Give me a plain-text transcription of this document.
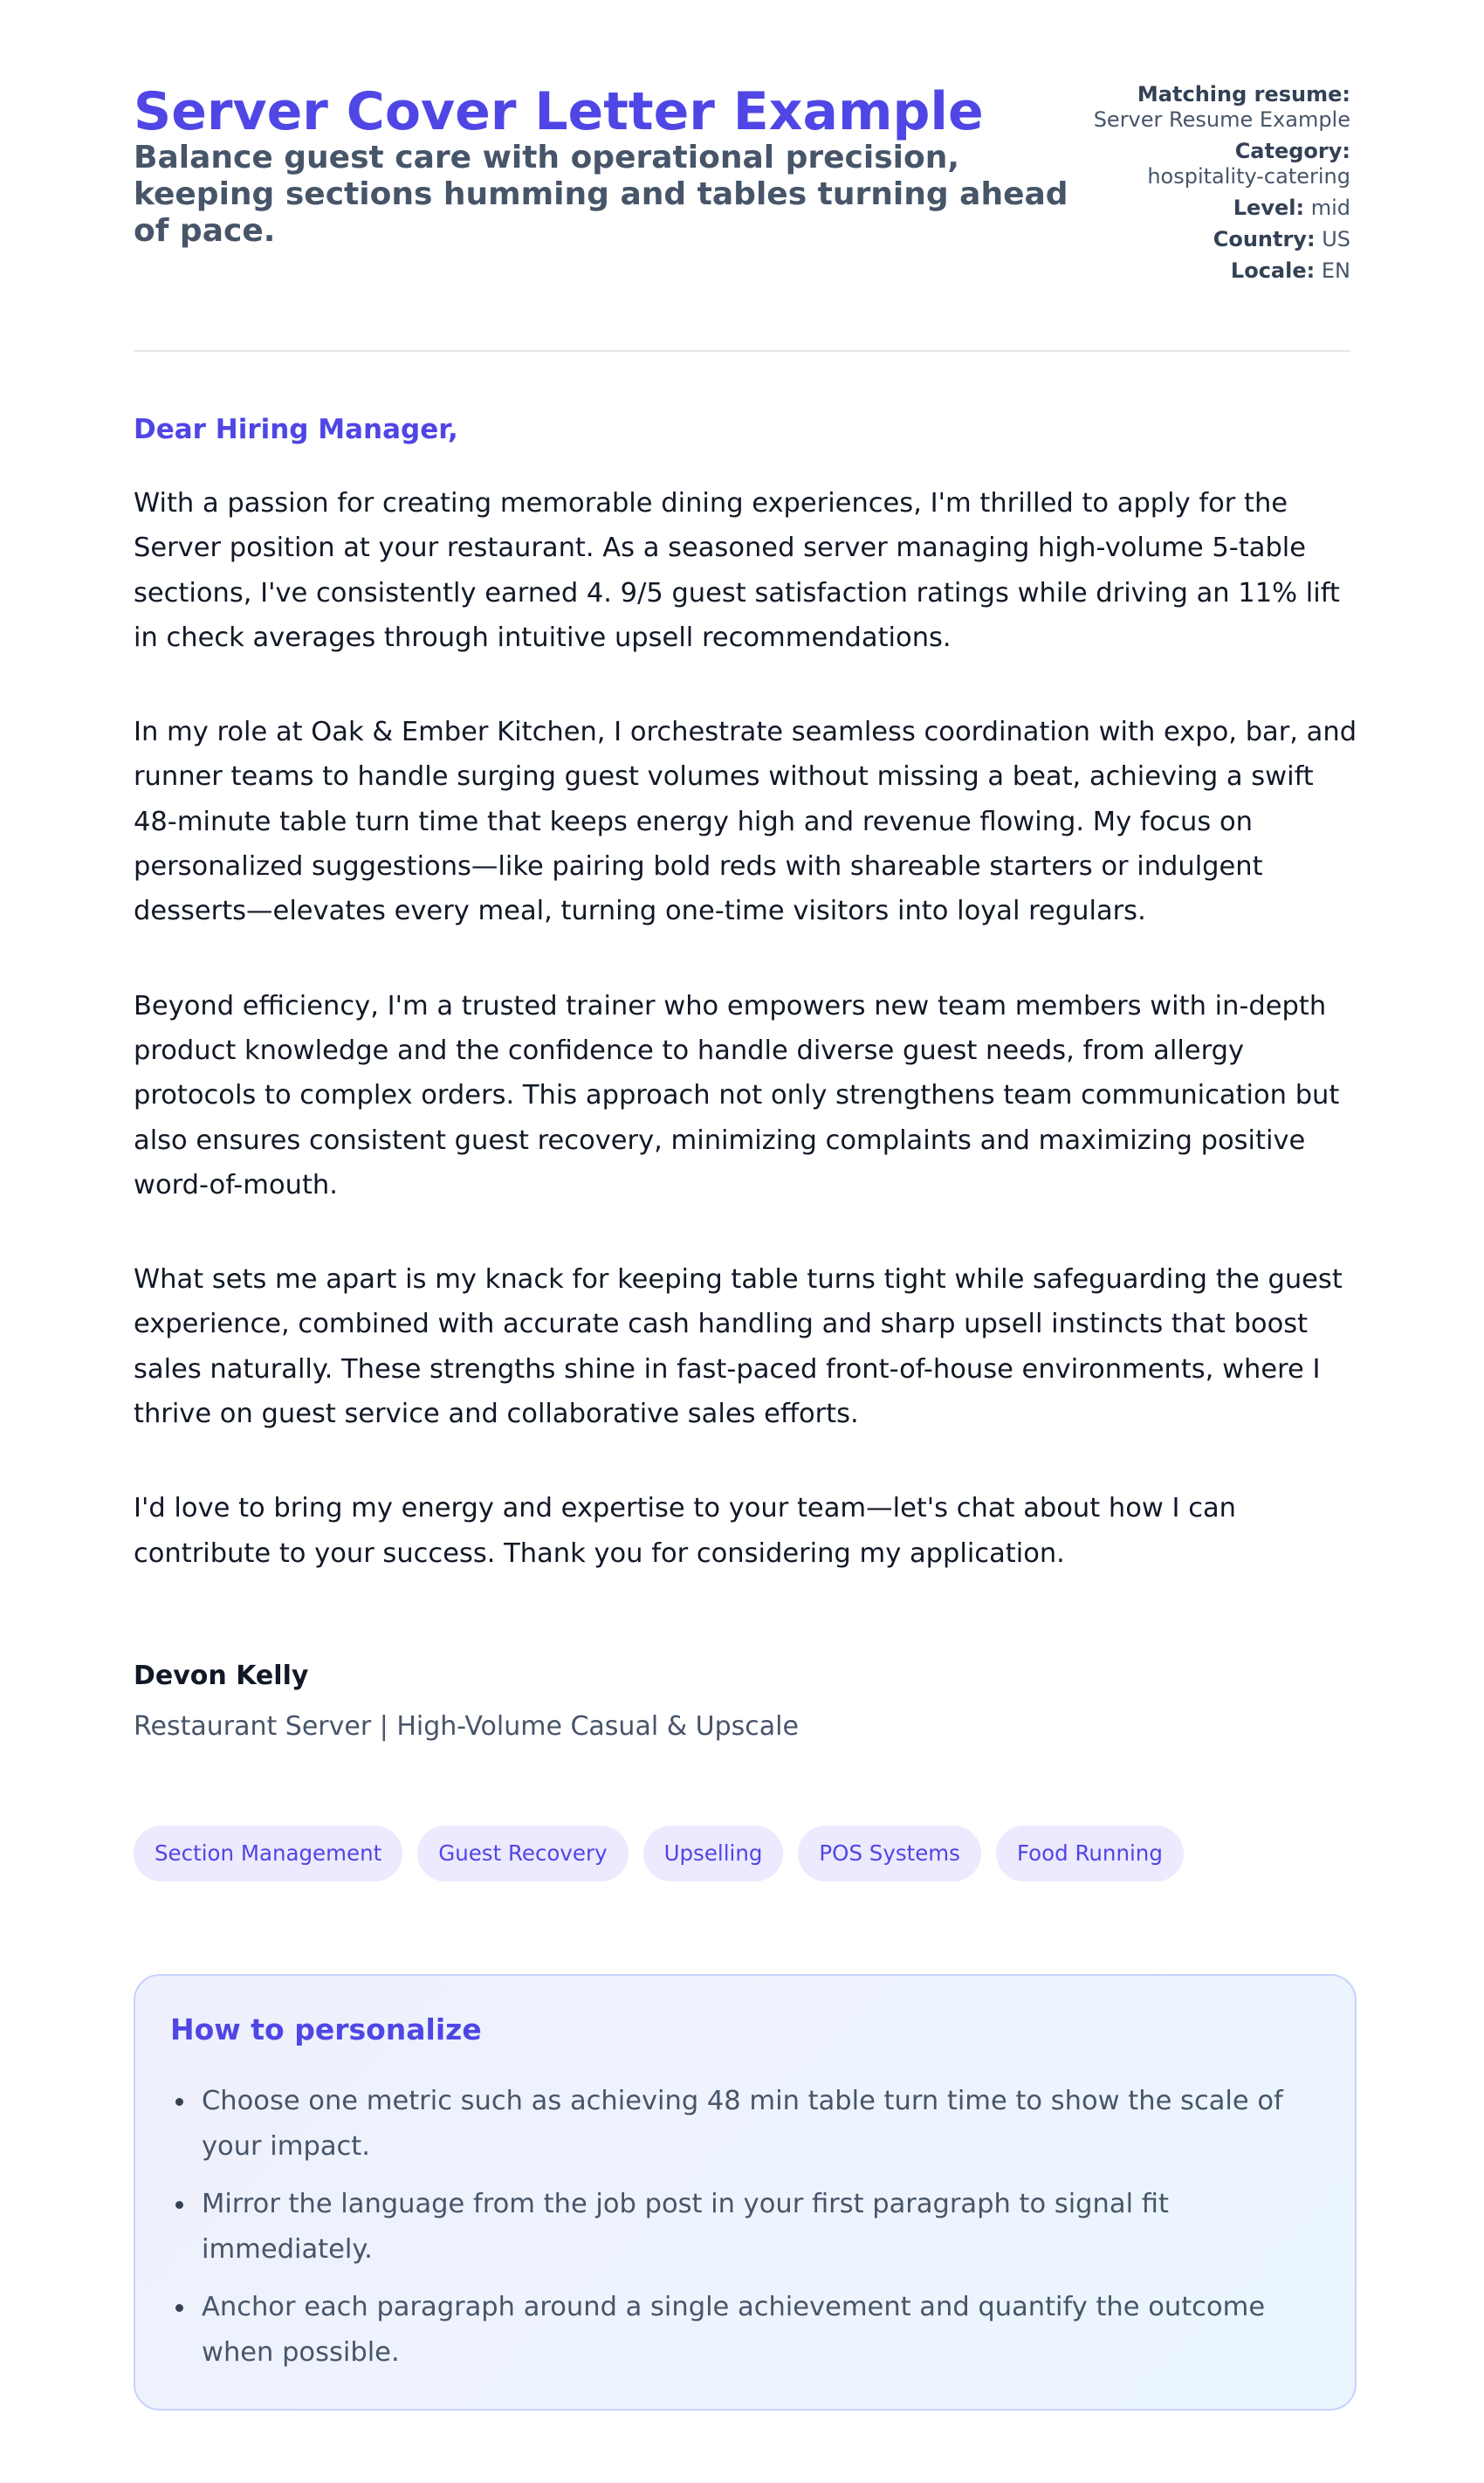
Server Cover Letter Example
Balance guest care with operational precision, keeping sections humming and tables turning ahead of pace.
Matching resume:
Server Resume Example
Category:
hospitality-catering
Level: mid
Country: US
Locale: EN
Dear Hiring Manager,

With a passion for creating memorable dining experiences, I'm thrilled to apply for the Server position at your restaurant. As a seasoned server managing high-volume 5-table sections, I've consistently earned 4. 9/5 guest satisfaction ratings while driving an 11% lift in check averages through intuitive upsell recommendations.

In my role at Oak & Ember Kitchen, I orchestrate seamless coordination with expo, bar, and runner teams to handle surging guest volumes without missing a beat, achieving a swift 48-minute table turn time that keeps energy high and revenue flowing. My focus on personalized suggestions—like pairing bold reds with shareable starters or indulgent desserts—elevates every meal, turning one-time visitors into loyal regulars.

Beyond efficiency, I'm a trusted trainer who empowers new team members with in-depth product knowledge and the confidence to handle diverse guest needs, from allergy protocols to complex orders. This approach not only strengthens team communication but also ensures consistent guest recovery, minimizing complaints and maximizing positive word-of-mouth.

What sets me apart is my knack for keeping table turns tight while safeguarding the guest experience, combined with accurate cash handling and sharp upsell instincts that boost sales naturally. These strengths shine in fast-paced front-of-house environments, where I thrive on guest service and collaborative sales efforts.

I'd love to bring my energy and expertise to your team—let's chat about how I can contribute to your success. Thank you for considering my application.

Devon Kelly
Restaurant Server | High-Volume Casual & Upscale
Section Management	Guest Recovery	Upselling	POS Systems	Food Running
How to personalize
Choose one metric such as achieving 48 min table turn time to show the scale of your impact.
Mirror the language from the job post in your first paragraph to signal fit immediately.
Anchor each paragraph around a single achievement and quantify the outcome when possible.
